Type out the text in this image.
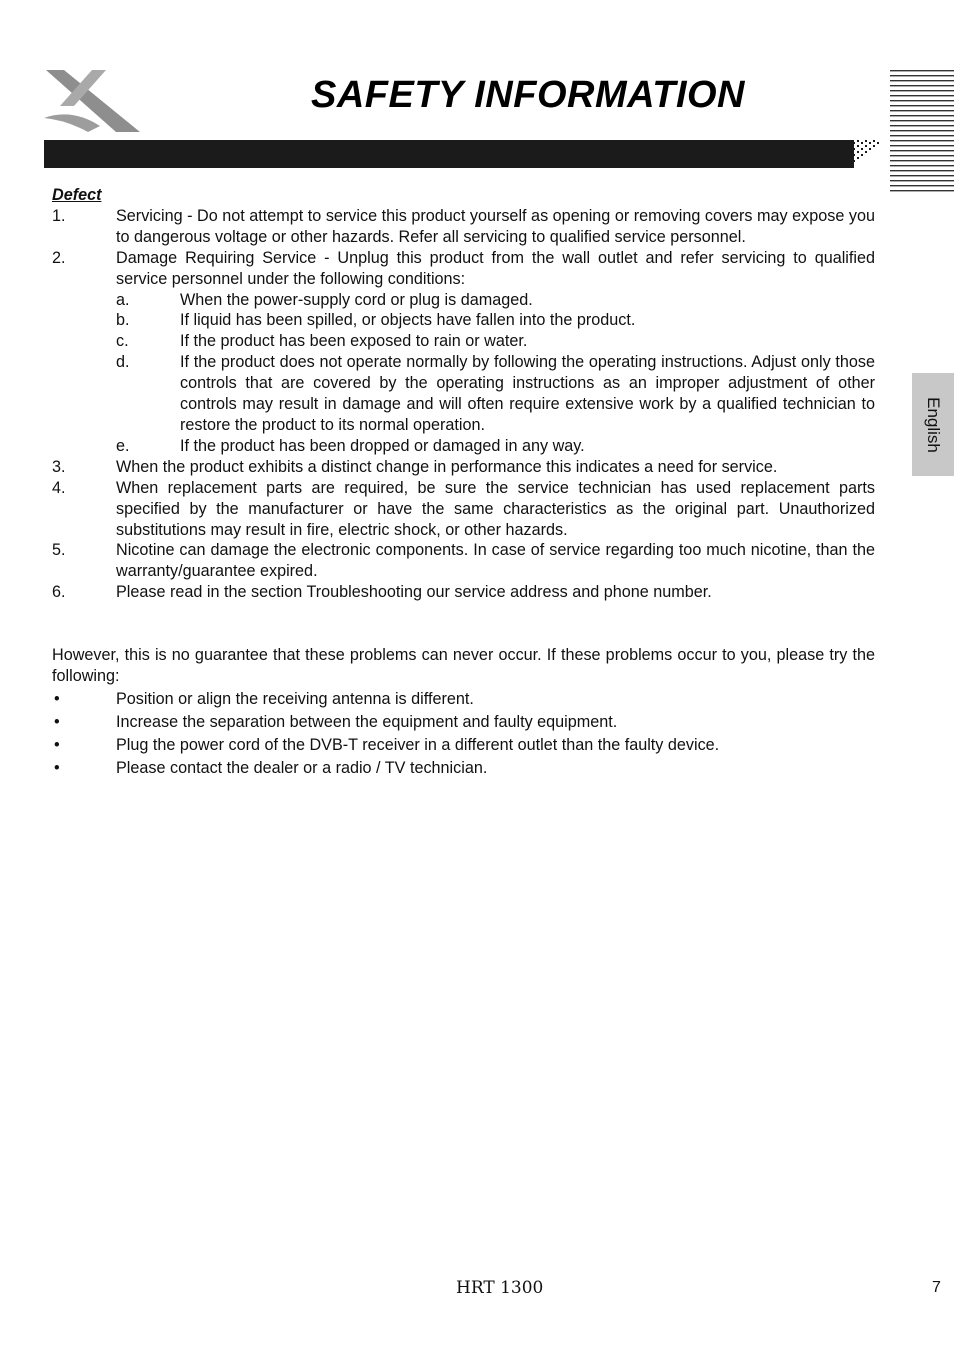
SAFETY INFORMATION
English
Defect
1.	Servicing - Do not attempt to service this product yourself as opening or removing covers may expose you to dangerous voltage or other hazards. Refer all servicing to qualified service personnel.
2.	Damage Requiring Service - Unplug this product from the wall outlet and refer servicing to qualified service personnel under the following conditions:
a.	When the power-supply cord or plug is damaged.
b.	If liquid has been spilled, or objects have fallen into the product.
c.	If the product has been exposed to rain or water.
d.	If the product does not operate normally by following the operating instructions. Adjust only those controls that are covered by the operating instructions as an improper adjustment of other controls may result in damage and will often require extensive work by a qualified technician to restore the product to its normal operation.
e.	If the product has been dropped or damaged in any way.
3.	When the product exhibits a distinct change in performance this indicates a need for service.
4.	When replacement parts are required, be sure the service technician has used replacement parts specified by the manufacturer or have the same characteristics as the original part. Unauthorized substitutions may result in fire, electric shock, or other hazards.
5.	Nicotine can damage the electronic components. In case of service regarding too much nicotine, than the warranty/guarantee expired.
6.	Please read in the section Troubleshooting our service address and phone number.
However, this is no guarantee that these problems can never occur. If these problems occur to you, please try the following:
•	Position or align the receiving antenna is different.
•	Increase the separation between the equipment and faulty equipment.
•	Plug the power cord of the DVB-T receiver in a different outlet than the faulty device.
•	Please contact the dealer or a radio / TV technician.
HRT 1300	7
